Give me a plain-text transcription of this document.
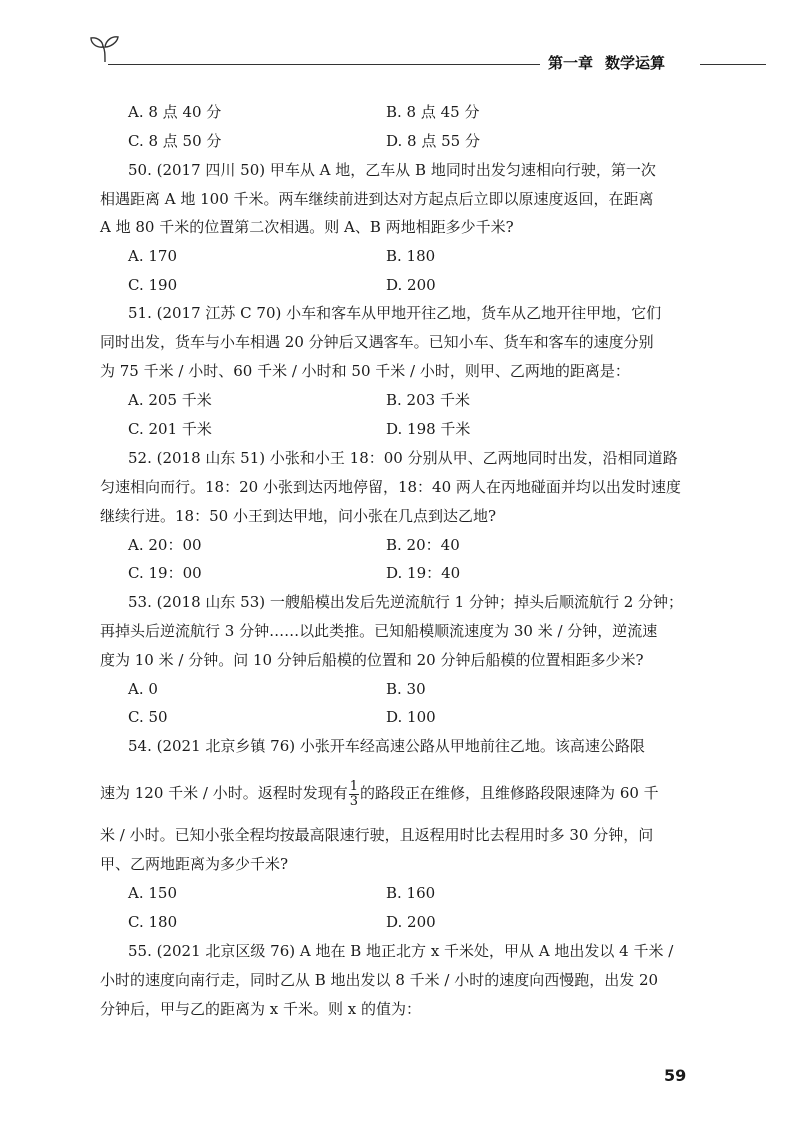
第一章 数学运算
A. 8 点 40 分	B. 8 点 45 分
C. 8 点 50 分	D. 8 点 55 分
50. (2017 四川 50) 甲车从 A 地，乙车从 B 地同时出发匀速相向行驶，第一次
相遇距离 A 地 100 千米。两车继续前进到达对方起点后立即以原速度返回，在距离
A 地 80 千米的位置第二次相遇。则 A、B 两地相距多少千米?
A. 170	B. 180
C. 190	D. 200
51. (2017 江苏 C 70) 小车和客车从甲地开往乙地，货车从乙地开往甲地，它们
同时出发，货车与小车相遇 20 分钟后又遇客车。已知小车、货车和客车的速度分别
为 75 千米 / 小时、60 千米 / 小时和 50 千米 / 小时，则甲、乙两地的距离是：
A. 205 千米	B. 203 千米
C. 201 千米	D. 198 千米
52. (2018 山东 51) 小张和小王 18：00 分别从甲、乙两地同时出发，沿相同道路
匀速相向而行。18：20 小张到达丙地停留，18：40 两人在丙地碰面并均以出发时速度
继续行进。18：50 小王到达甲地，问小张在几点到达乙地?
A. 20：00	B. 20：40
C. 19：00	D. 19：40
53. (2018 山东 53) 一艘船模出发后先逆流航行 1 分钟；掉头后顺流航行 2 分钟；
再掉头后逆流航行 3 分钟……以此类推。已知船模顺流速度为 30 米 / 分钟，逆流速
度为 10 米 / 分钟。问 10 分钟后船模的位置和 20 分钟后船模的位置相距多少米?
A. 0	B. 30
C. 50	D. 100
54. (2021 北京乡镇 76) 小张开车经高速公路从甲地前往乙地。该高速公路限
速为 120 千米 / 小时。返程时发现有 $\frac{1}{3}$ 的路段正在维修，且维修路段限速降为 60 千
米 / 小时。已知小张全程均按最高限速行驶，且返程用时比去程用时多 30 分钟，问
甲、乙两地距离为多少千米?
A. 150	B. 160
C. 180	D. 200
55. (2021 北京区级 76) A 地在 B 地正北方 x 千米处，甲从 A 地出发以 4 千米 /
小时的速度向南行走，同时乙从 B 地出发以 8 千米 / 小时的速度向西慢跑，出发 20
分钟后，甲与乙的距离为 x 千米。则 x 的值为：
59
